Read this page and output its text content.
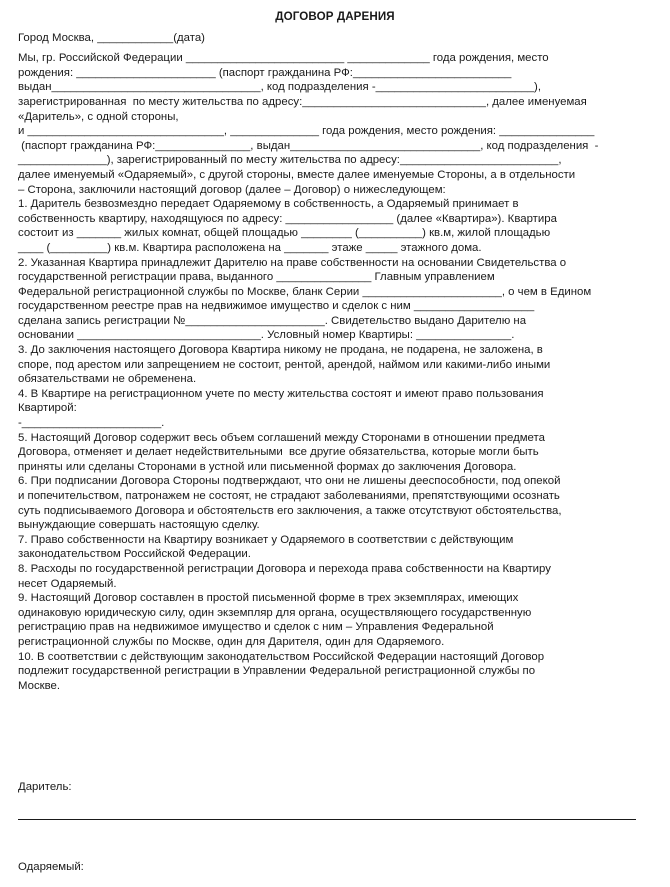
ДОГОВОР ДАРЕНИЯ
Город Москва, ____________(дата)
Мы, гр. Российской Федерации _________________________ _____________ года рождения, место
рождения: ______________________ (паспорт гражданина РФ:_________________________
выдан_________________________________, код подразделения -_________________________),
зарегистрированная  по месту жительства по адресу:_____________________________, далее именуемая
«Даритель», с одной стороны,
и _______________________________, ______________ года рождения, место рождения: _______________
(паспорт гражданина РФ:_______________, выдан______________________________, код подразделения  -
______________), зарегистрированный по месту жительства по адресу:_________________________,
далее именуемый «Одаряемый», с другой стороны, вместе далее именуемые Стороны, а в отдельности
– Сторона, заключили настоящий договор (далее – Договор) о нижеследующем:
1. Даритель безвозмездно передает Одаряемому в собственность, а Одаряемый принимает в
собственность квартиру, находящуюся по адресу: _________________ (далее «Квартира»). Квартира
состоит из _______ жилых комнат, общей площадью ________ (__________) кв.м, жилой площадью
____ (_________) кв.м. Квартира расположена на _______ этаже _____ этажного дома.
2. Указанная Квартира принадлежит Дарителю на праве собственности на основании Свидетельства о
государственной регистрации права, выданного _______________ Главным управлением
Федеральной регистрационной службы по Москве, бланк Серии ______________________, о чем в Едином
государственном реестре прав на недвижимое имущество и сделок с ним ___________________
сделана запись регистрации №______________________. Свидетельство выдано Дарителю на
основании _____________________________. Условный номер Квартиры: _______________.
3. До заключения настоящего Договора Квартира никому не продана, не подарена, не заложена, в
споре, под арестом или запрещением не состоит, рентой, арендой, наймом или какими-либо иными
обязательствами не обременена.
4. В Квартире на регистрационном учете по месту жительства состоят и имеют право пользования
Квартирой:
-______________________.
5. Настоящий Договор содержит весь объем соглашений между Сторонами в отношении предмета
Договора, отменяет и делает недействительными  все другие обязательства, которые могли быть
приняты или сделаны Сторонами в устной или письменной формах до заключения Договора.
6. При подписании Договора Стороны подтверждают, что они не лишены дееспособности, под опекой
и попечительством, патронажем не состоят, не страдают заболеваниями, препятствующими осознать
суть подписываемого Договора и обстоятельств его заключения, а также отсутствуют обстоятельства,
вынуждающие совершать настоящую сделку.
7. Право собственности на Квартиру возникает у Одаряемого в соответствии с действующим
законодательством Российской Федерации.
8. Расходы по государственной регистрации Договора и перехода права собственности на Квартиру
несет Одаряемый.
9. Настоящий Договор составлен в простой письменной форме в трех экземплярах, имеющих
одинаковую юридическую силу, один экземпляр для органа, осуществляющего государственную
регистрацию прав на недвижимое имущество и сделок с ним – Управления Федеральной
регистрационной службы по Москве, один для Дарителя, один для Одаряемого.
10. В соответствии с действующим законодательством Российской Федерации настоящий Договор
подлежит государственной регистрации в Управлении Федеральной регистрационной службы по
Москве.
Даритель:
Одаряемый:
